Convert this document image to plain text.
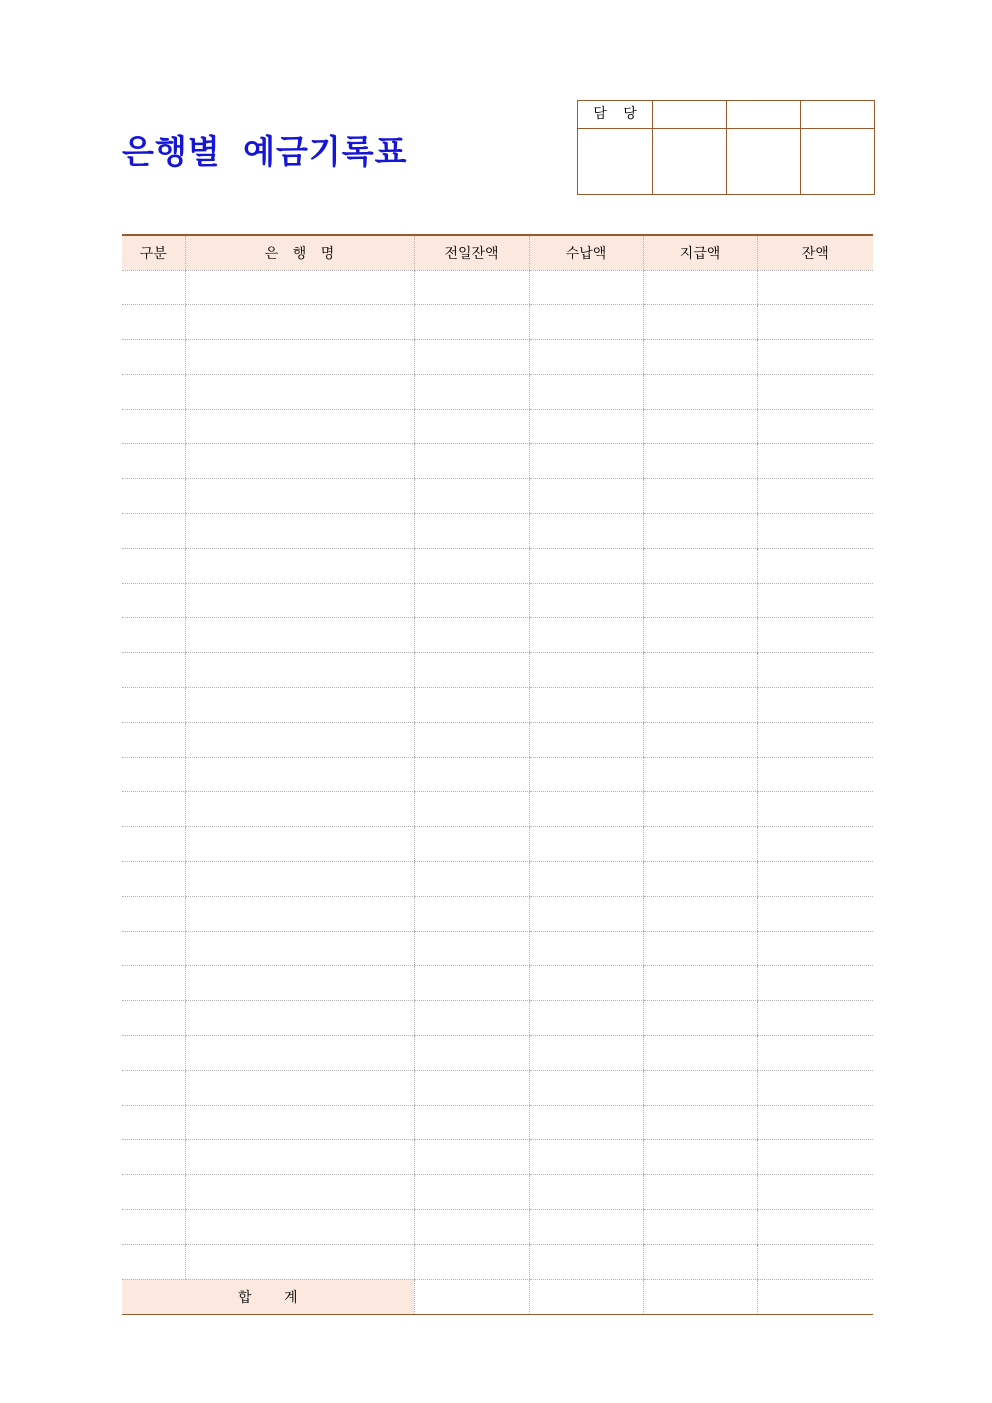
은행별 예금기록표
담 당
구분	은 행 명	전일잔액	수납액	지급액	잔액

합 계					
